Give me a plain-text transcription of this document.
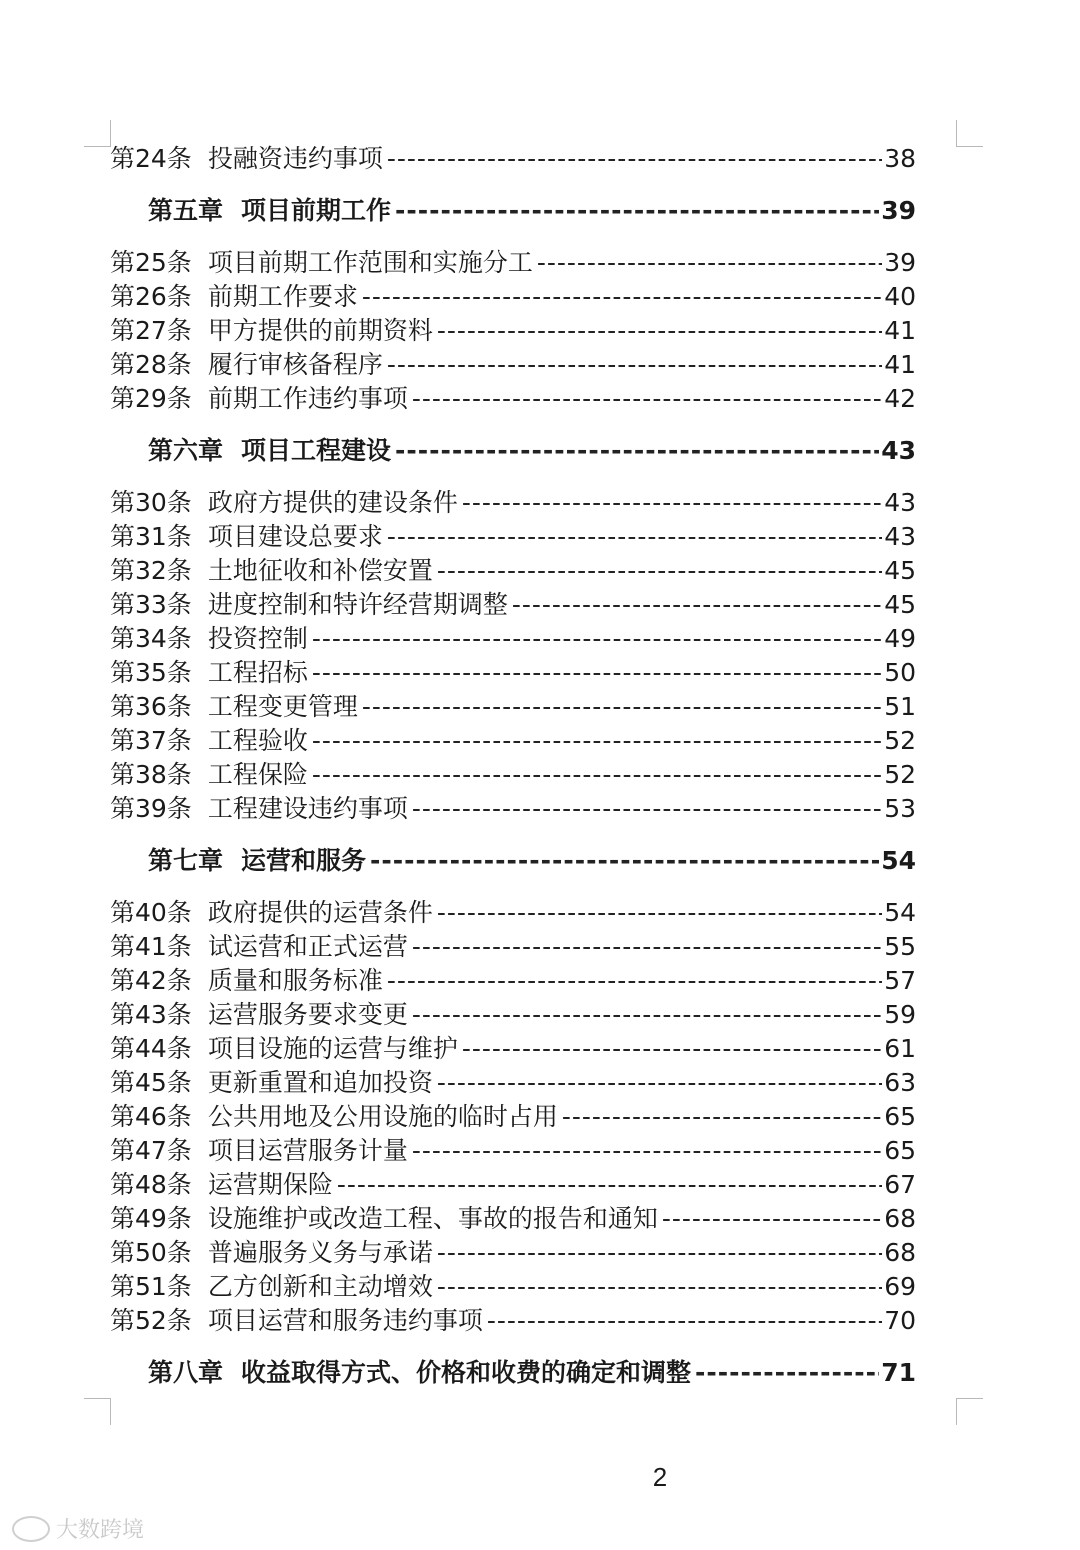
第24条 投融资违约事项 -----	38
第五章 项目前期工作 -----	39
第25条 项目前期工作范围和实施分工 -----	39
第26条 前期工作要求 -----	40
第27条 甲方提供的前期资料 -----	41
第28条 履行审核备程序 -----	41
第29条 前期工作违约事项 -----	42
第六章 项目工程建设 -----	43
第30条 政府方提供的建设条件 -----	43
第31条 项目建设总要求 -----	43
第32条 土地征收和补偿安置 -----	45
第33条 进度控制和特许经营期调整 -----	45
第34条 投资控制 -----	49
第35条 工程招标 -----	50
第36条 工程变更管理 -----	51
第37条 工程验收 -----	52
第38条 工程保险 -----	52
第39条 工程建设违约事项 -----	53
第七章 运营和服务 -----	54
第40条 政府提供的运营条件 -----	54
第41条 试运营和正式运营 -----	55
第42条 质量和服务标准 -----	57
第43条 运营服务要求变更 -----	59
第44条 项目设施的运营与维护 -----	61
第45条 更新重置和追加投资 -----	63
第46条 公共用地及公用设施的临时占用 -----	65
第47条 项目运营服务计量 -----	65
第48条 运营期保险 -----	67
第49条 设施维护或改造工程、事故的报告和通知 -----	68
第50条 普遍服务义务与承诺 -----	68
第51条 乙方创新和主动增效 -----	69
第52条 项目运营和服务违约事项 -----	70
第八章 收益取得方式、价格和收费的确定和调整 -----	71
2
大数跨境
